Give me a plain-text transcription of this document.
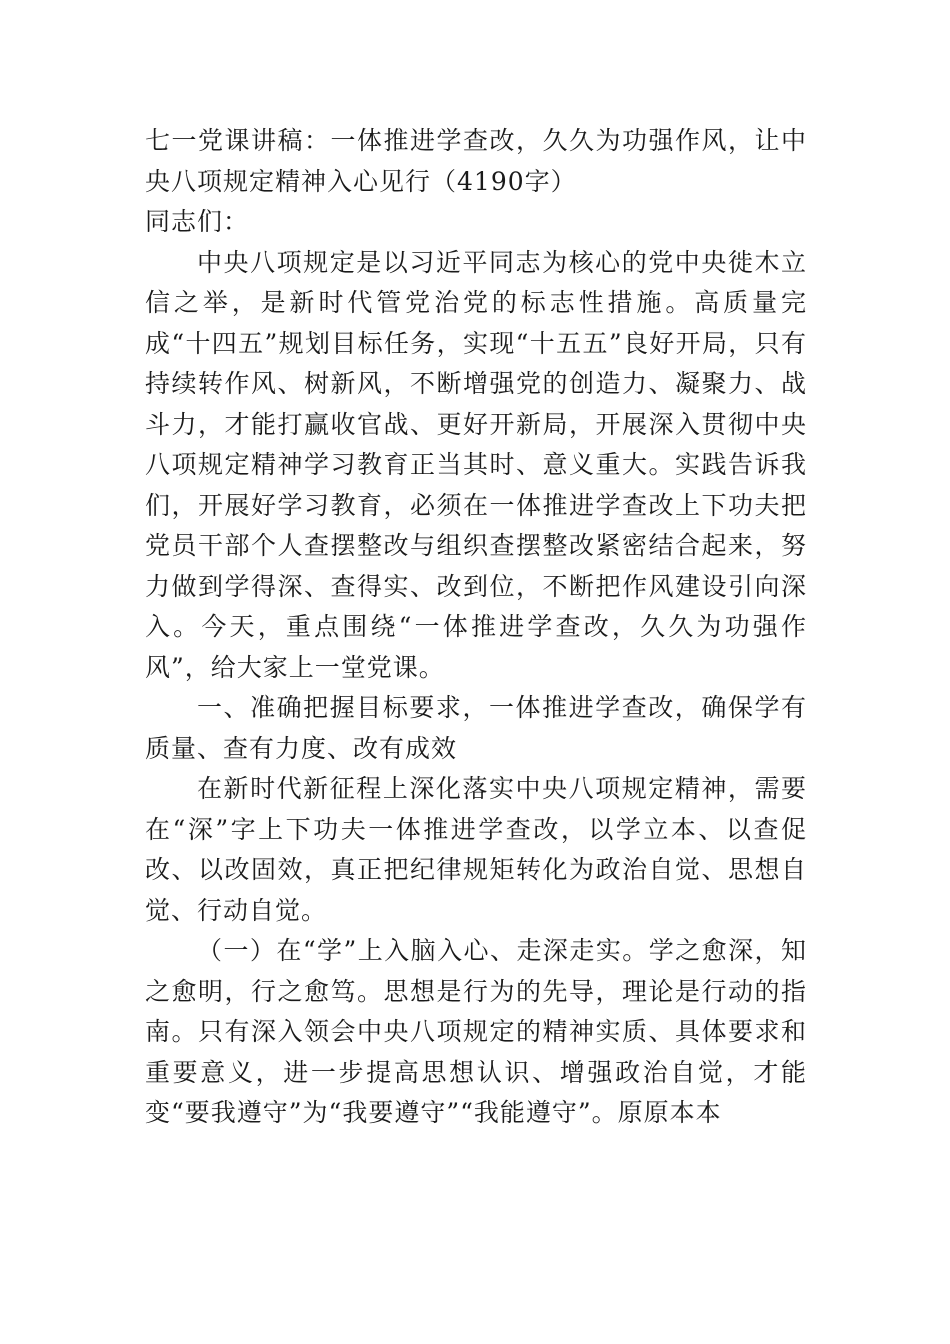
七一党课讲稿：一体推进学查改，久久为功强作风，让中央八项规定精神入心见行（4190字）

同志们：

中央八项规定是以习近平同志为核心的党中央徙木立信之举，是新时代管党治党的标志性措施。高质量完成“十四五”规划目标任务，实现“十五五”良好开局，只有持续转作风、树新风，不断增强党的创造力、凝聚力、战斗力，才能打赢收官战、更好开新局，开展深入贯彻中央八项规定精神学习教育正当其时、意义重大。实践告诉我们，开展好学习教育，必须在一体推进学查改上下功夫把党员干部个人查摆整改与组织查摆整改紧密结合起来，努力做到学得深、查得实、改到位，不断把作风建设引向深入。今天，重点围绕“一体推进学查改，久久为功强作风”，给大家上一堂党课。

一、准确把握目标要求，一体推进学查改，确保学有质量、查有力度、改有成效

在新时代新征程上深化落实中央八项规定精神，需要在“深”字上下功夫一体推进学查改，以学立本、以查促改、以改固效，真正把纪律规矩转化为政治自觉、思想自觉、行动自觉。

（一）在“学”上入脑入心、走深走实。学之愈深，知之愈明，行之愈笃。思想是行为的先导，理论是行动的指南。只有深入领会中央八项规定的精神实质、具体要求和重要意义，进一步提高思想认识、增强政治自觉，才能变“要我遵守”为“我要遵守”“我能遵守”。原原本本
